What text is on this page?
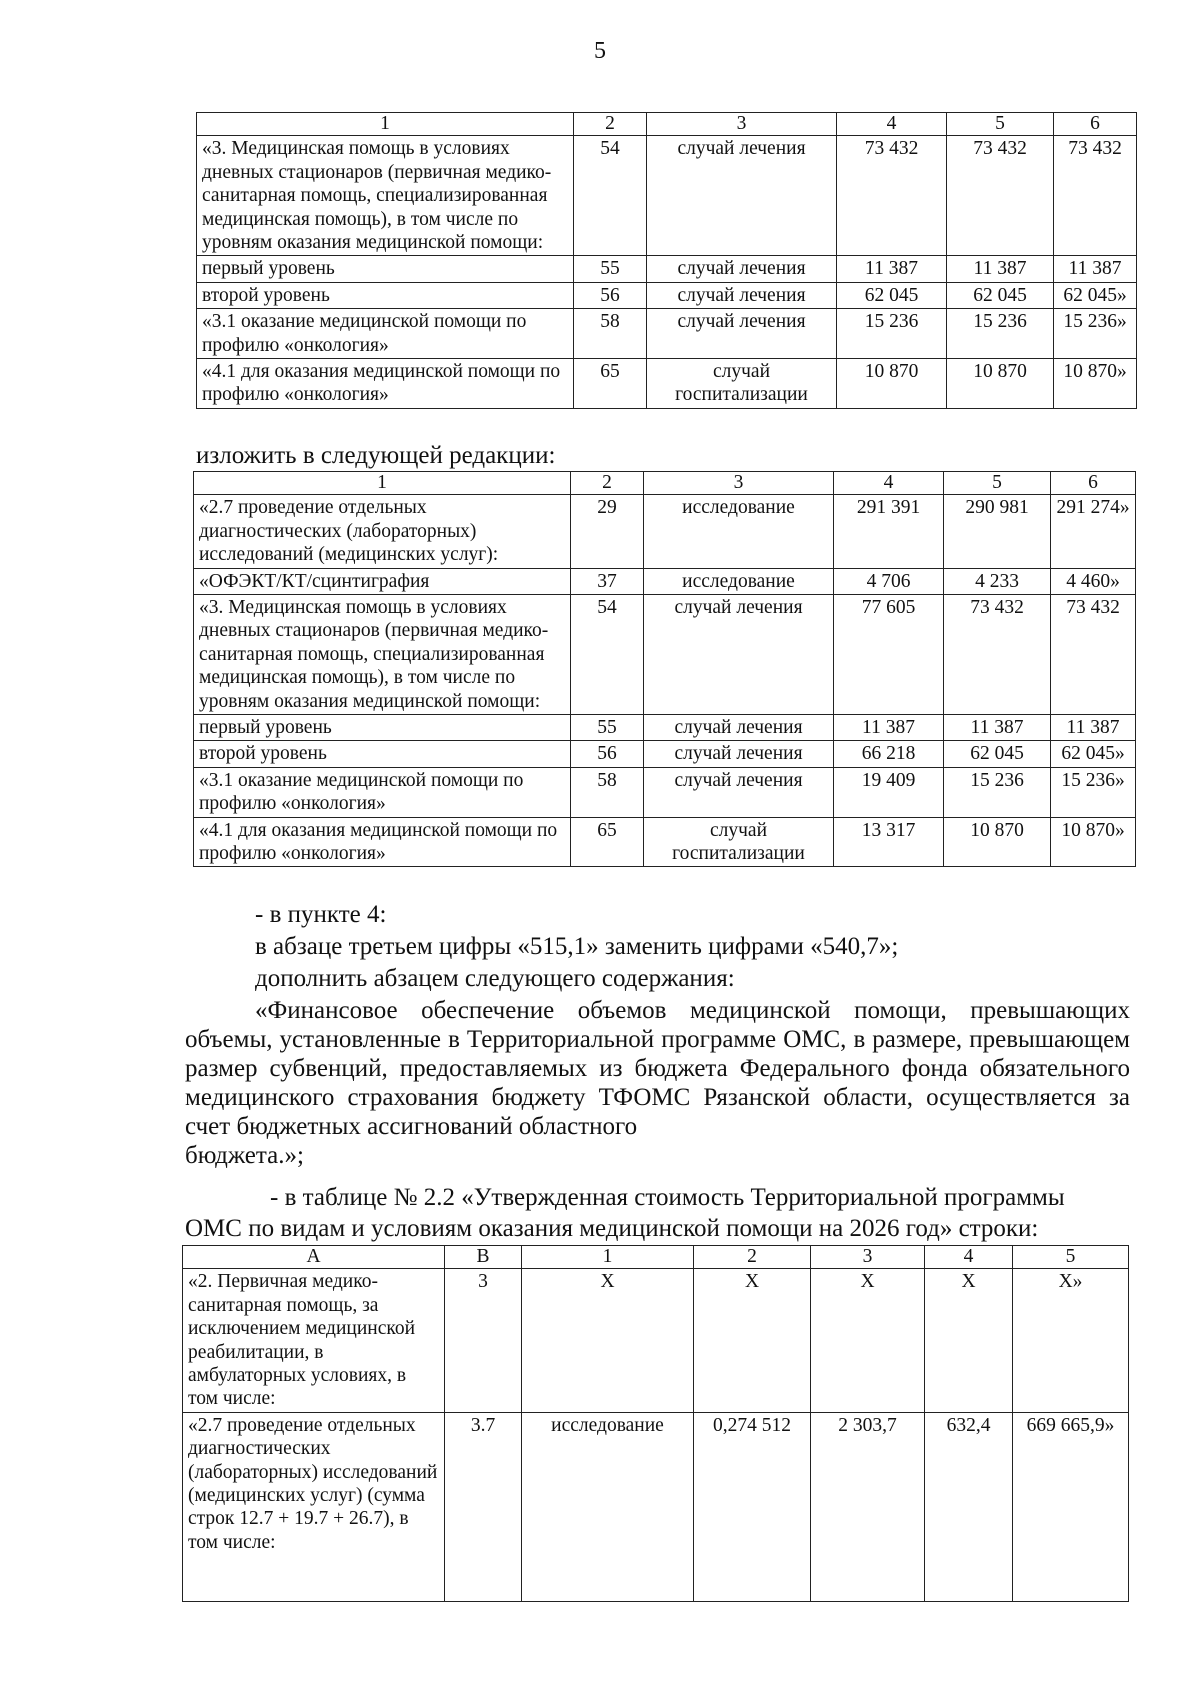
5
1	2	3	4	5	6
«3. Медицинская помощь в условиях дневных стационаров (первичная медико-санитарная помощь, специализированная медицинская помощь), в том числе по уровням оказания медицинской помощи:	54	случай лечения	73 432	73 432	73 432
первый уровень	55	случай лечения	11 387	11 387	11 387
второй уровень	56	случай лечения	62 045	62 045	62 045»
«3.1 оказание медицинской помощи по профилю «онкология»	58	случай лечения	15 236	15 236	15 236»
«4.1 для оказания медицинской помощи по профилю «онкология»	65	случай госпитализации	10 870	10 870	10 870»
изложить в следующей редакции:
1	2	3	4	5	6
«2.7 проведение отдельных диагностических (лабораторных) исследований (медицинских услуг):	29	исследование	291 391	290 981	291 274»
«ОФЭКТ/КТ/сцинтиграфия	37	исследование	4 706	4 233	4 460»
«3. Медицинская помощь в условиях дневных стационаров (первичная медико-санитарная помощь, специализированная медицинская помощь), в том числе по уровням оказания медицинской помощи:	54	случай лечения	77 605	73 432	73 432
первый уровень	55	случай лечения	11 387	11 387	11 387
второй уровень	56	случай лечения	66 218	62 045	62 045»
«3.1 оказание медицинской помощи по профилю «онкология»	58	случай лечения	19 409	15 236	15 236»
«4.1 для оказания медицинской помощи по профилю «онкология»	65	случай госпитализации	13 317	10 870	10 870»
- в пункте 4:
в абзаце третьем цифры «515,1» заменить цифрами «540,7»;
дополнить абзацем следующего содержания:
«Финансовое обеспечение объемов медицинской помощи, превышающих объемы, установленные в Территориальной программе ОМС, в размере, превышающем размер субвенций, предоставляемых из бюджета Федерального фонда обязательного медицинского страхования бюджету ТФОМС Рязанской области, осуществляется за счет бюджетных ассигнований областного
бюджета.»;
- в таблице № 2.2 «Утвержденная стоимость Территориальной программы
ОМС по видам и условиям оказания медицинской помощи на 2026 год» строки:
А	В	1	2	3	4	5
«2. Первичная медико-санитарная помощь, за исключением медицинской реабилитации, в амбулаторных условиях, в том числе:	3	Х	Х	Х	Х	Х»
«2.7 проведение отдельных диагностических (лабораторных) исследований (медицинских услуг) (сумма строк 12.7 + 19.7 + 26.7), в том числе:	3.7	исследование	0,274 512	2 303,7	632,4	669 665,9»
